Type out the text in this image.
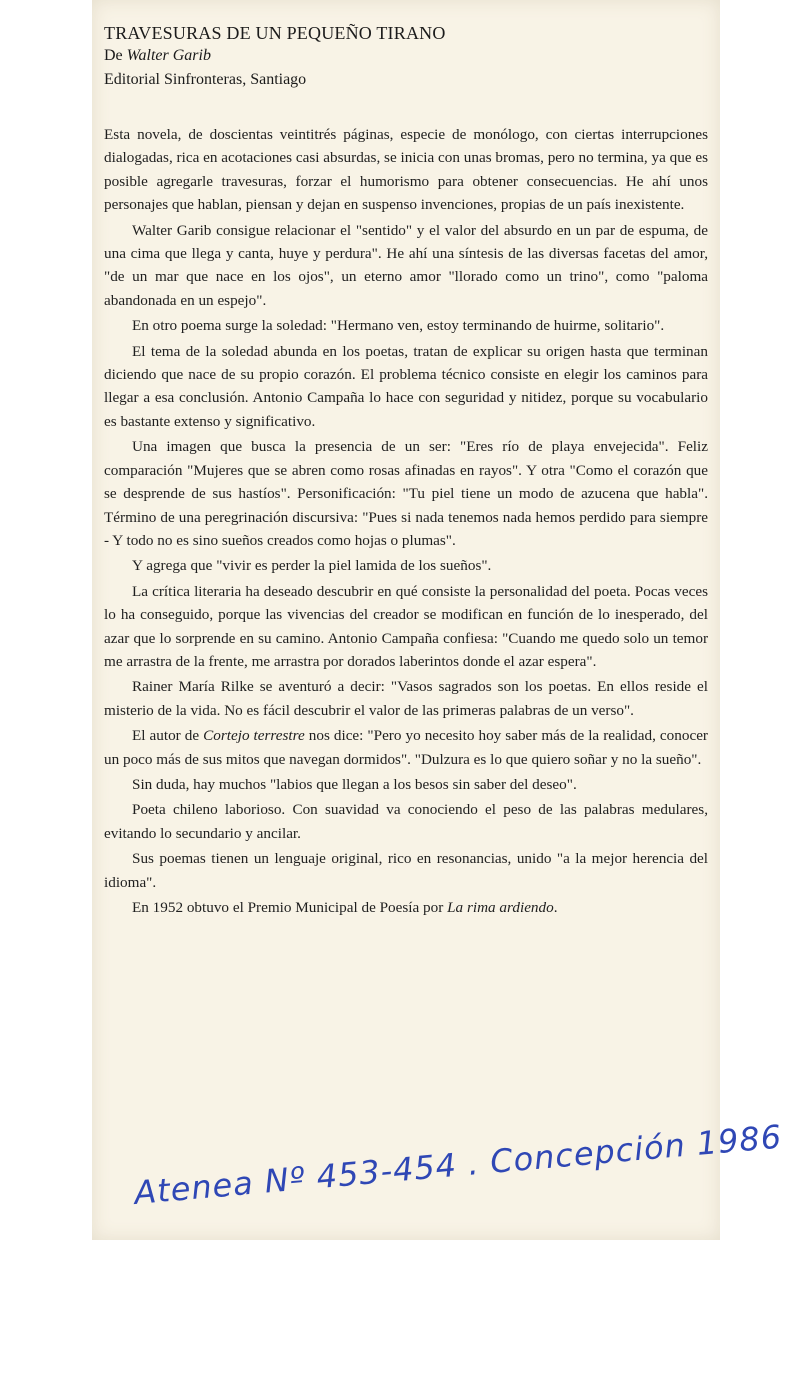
TRAVESURAS DE UN PEQUEÑO TIRANO
De Walter Garib
Editorial Sinfronteras, Santiago

Esta novela, de doscientas veintitrés páginas, especie de monólogo, con ciertas interrupciones dialogadas, rica en acotaciones casi absurdas, se inicia con unas bromas, pero no termina, ya que es posible agregarle travesuras, forzar el humorismo para obtener consecuencias. He ahí unos personajes que hablan, piensan y dejan en suspenso invenciones, propias de un país inexistente.

Walter Garib consigue relacionar el "sentido" y el valor del absurdo en un par de espuma, de una cima que llega y canta, huye y perdura". He ahí una síntesis de las diversas facetas del amor, "de un mar que nace en los ojos", un eterno amor "llorado como un trino", como "paloma abandonada en un espejo".

En otro poema surge la soledad: "Hermano ven, estoy terminando de huirme, solitario".

El tema de la soledad abunda en los poetas, tratan de explicar su origen hasta que terminan diciendo que nace de su propio corazón. El problema técnico consiste en elegir los caminos para llegar a esa conclusión. Antonio Campaña lo hace con seguridad y nitidez, porque su vocabulario es bastante extenso y significativo.

Una imagen que busca la presencia de un ser: "Eres río de playa envejecida". Feliz comparación "Mujeres que se abren como rosas afinadas en rayos". Y otra "Como el corazón que se desprende de sus hastíos". Personificación: "Tu piel tiene un modo de azucena que habla". Término de una peregrinación discursiva: "Pues si nada tenemos nada hemos perdido para siempre - Y todo no es sino sueños creados como hojas o plumas".

Y agrega que "vivir es perder la piel lamida de los sueños".

La crítica literaria ha deseado descubrir en qué consiste la personalidad del poeta. Pocas veces lo ha conseguido, porque las vivencias del creador se modifican en función de lo inesperado, del azar que lo sorprende en su camino. Antonio Campaña confiesa: "Cuando me quedo solo un temor me arrastra de la frente, me arrastra por dorados laberintos donde el azar espera".

Rainer María Rilke se aventuró a decir: "Vasos sagrados son los poetas. En ellos reside el misterio de la vida. No es fácil descubrir el valor de las primeras palabras de un verso".

El autor de Cortejo terrestre nos dice: "Pero yo necesito hoy saber más de la realidad, conocer un poco más de sus mitos que navegan dormidos". "Dulzura es lo que quiero soñar y no la sueño".

Sin duda, hay muchos "labios que llegan a los besos sin saber del deseo".

Poeta chileno laborioso. Con suavidad va conociendo el peso de las palabras medulares, evitando lo secundario y ancilar.

Sus poemas tienen un lenguaje original, rico en resonancias, unido "a la mejor herencia del idioma".

En 1952 obtuvo el Premio Municipal de Poesía por La rima ardiendo.

Atenea Nº 453-454 . Concepción 1986
